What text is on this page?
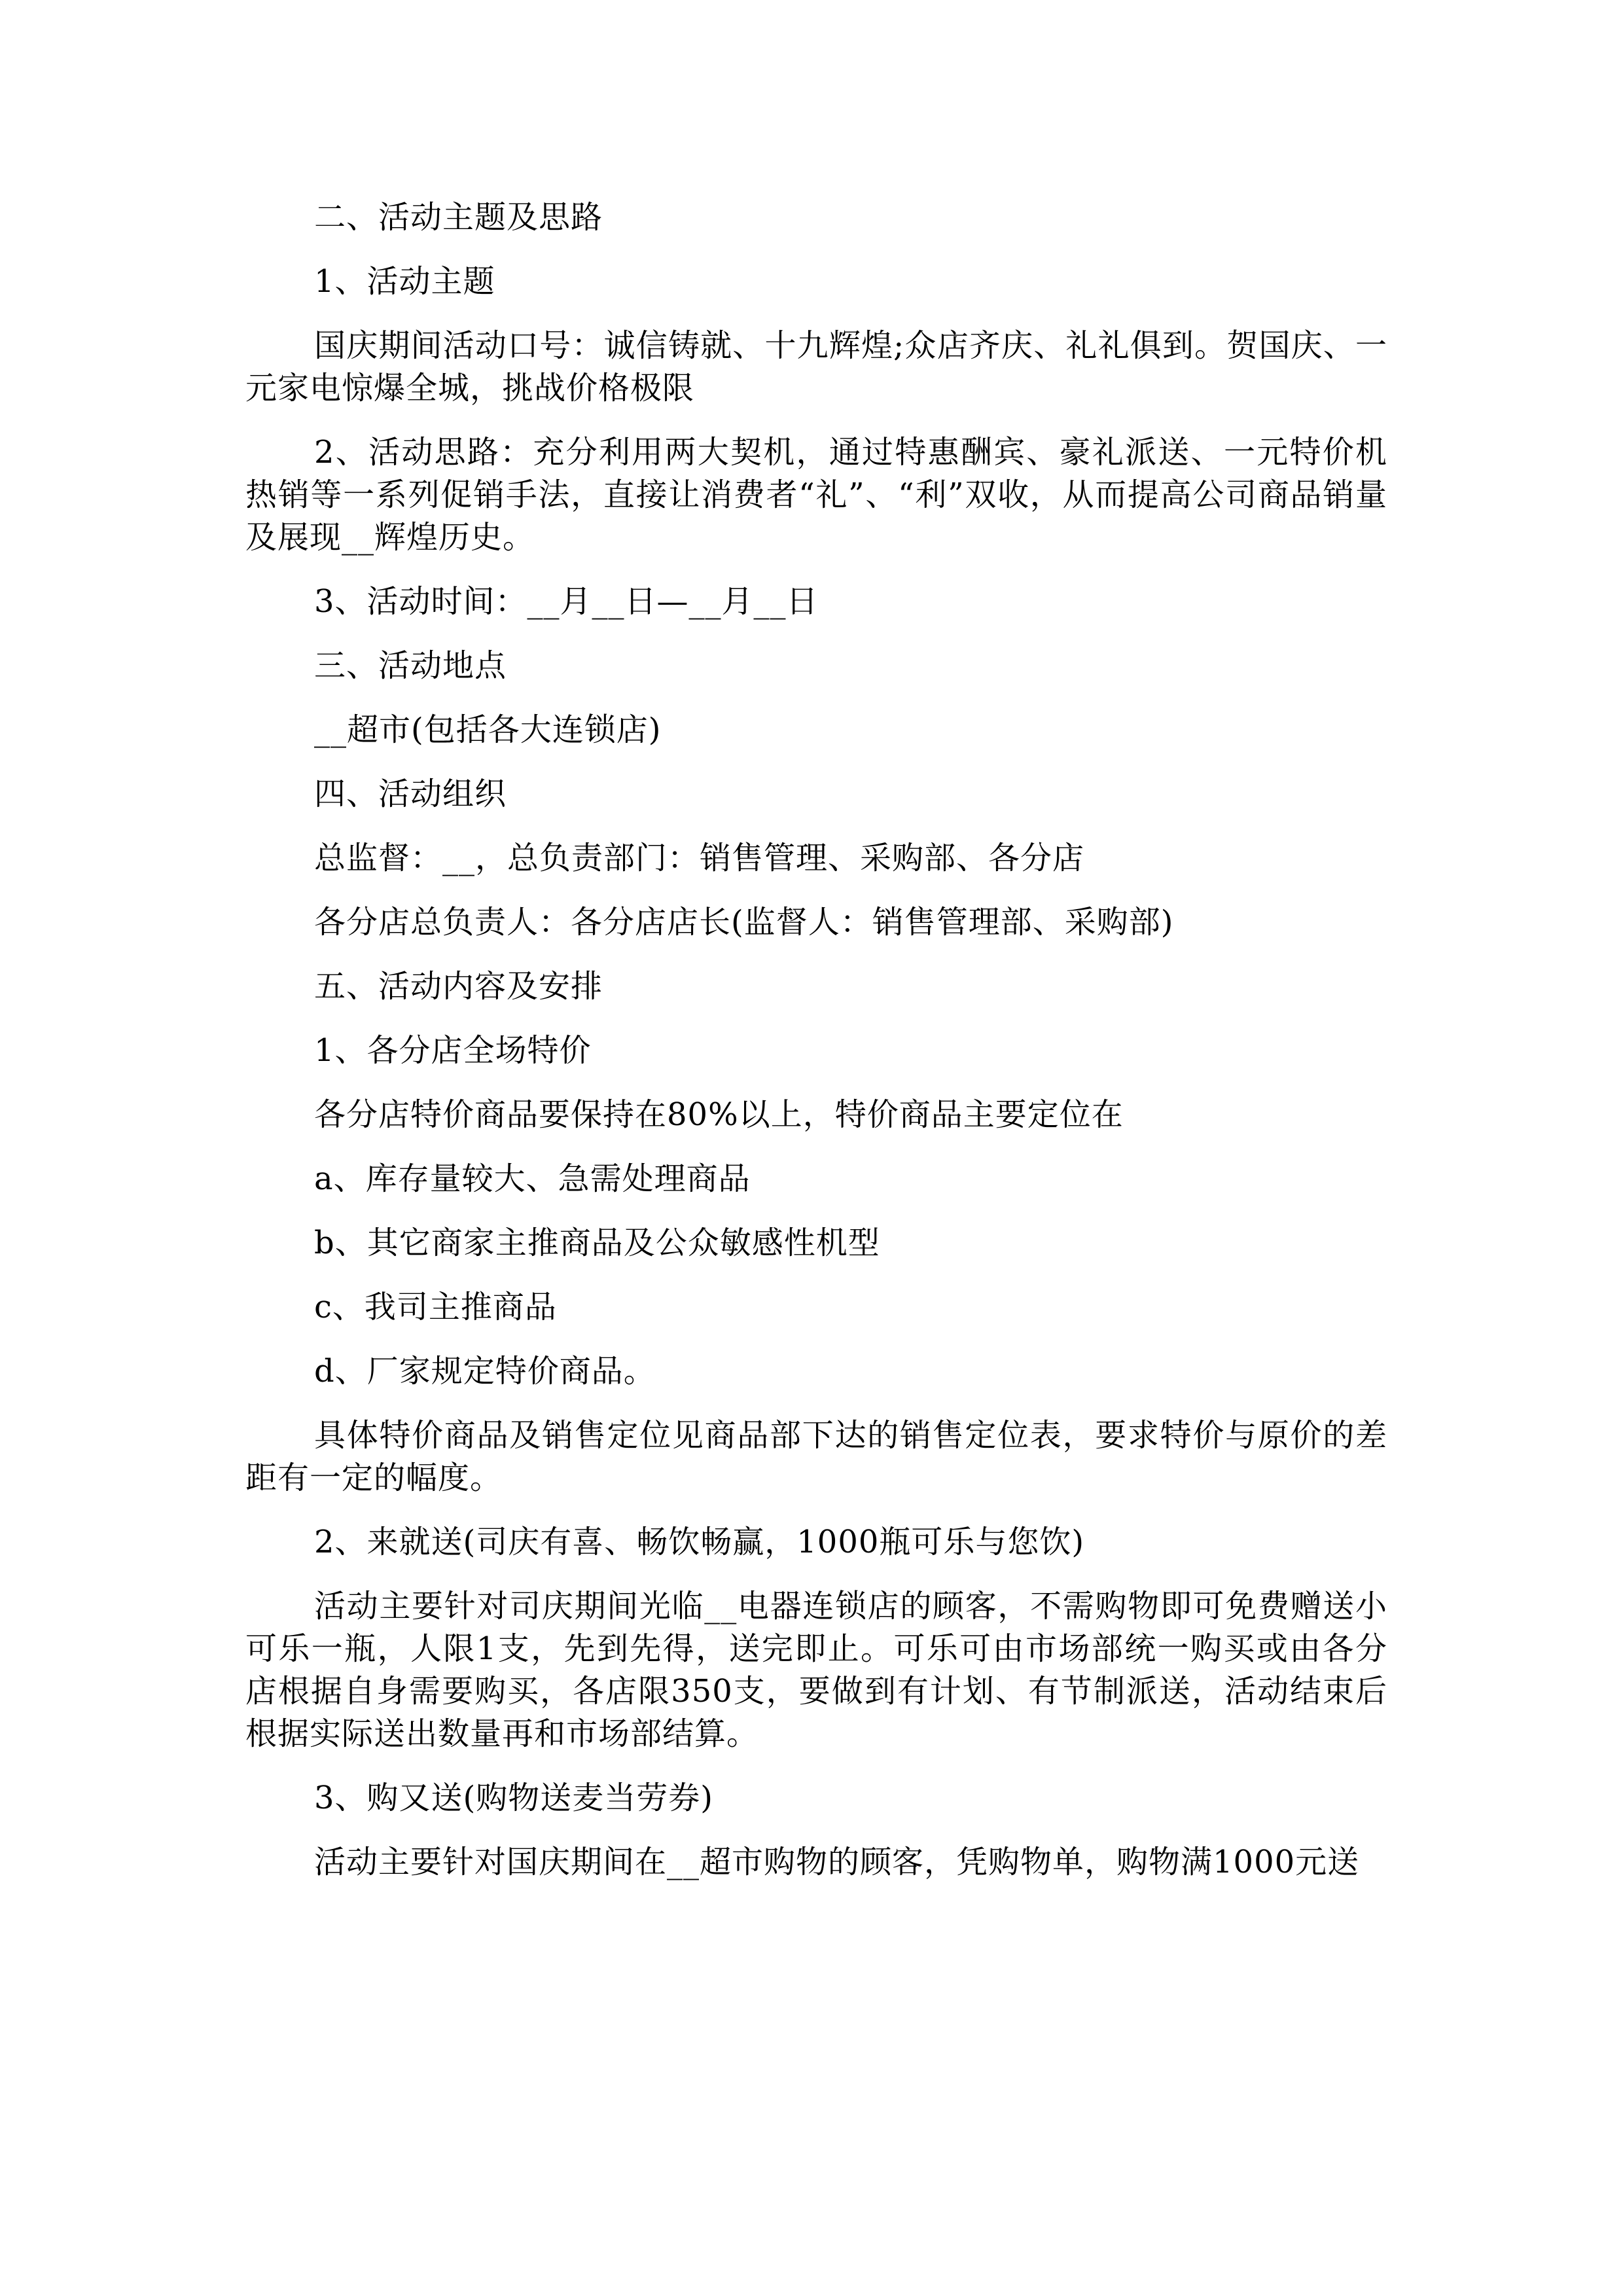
二、活动主题及思路

1、活动主题

国庆期间活动口号：诚信铸就、十九辉煌;众店齐庆、礼礼俱到。贺国庆、一元家电惊爆全城，挑战价格极限

2、活动思路：充分利用两大契机，通过特惠酬宾、豪礼派送、一元特价机热销等一系列促销手法，直接让消费者“礼”、“利”双收，从而提高公司商品销量及展现__辉煌历史。

3、活动时间：__月__日—__月__日

三、活动地点

__超市(包括各大连锁店)

四、活动组织

总监督：__，总负责部门：销售管理、采购部、各分店

各分店总负责人：各分店店长(监督人：销售管理部、采购部)

五、活动内容及安排

1、各分店全场特价

各分店特价商品要保持在80%以上，特价商品主要定位在

a、库存量较大、急需处理商品

b、其它商家主推商品及公众敏感性机型

c、我司主推商品

d、厂家规定特价商品。

具体特价商品及销售定位见商品部下达的销售定位表，要求特价与原价的差距有一定的幅度。

2、来就送(司庆有喜、畅饮畅赢，1000瓶可乐与您饮)

活动主要针对司庆期间光临__电器连锁店的顾客，不需购物即可免费赠送小可乐一瓶，人限1支，先到先得，送完即止。可乐可由市场部统一购买或由各分店根据自身需要购买，各店限350支，要做到有计划、有节制派送，活动结束后根据实际送出数量再和市场部结算。

3、购又送(购物送麦当劳券)

活动主要针对国庆期间在__超市购物的顾客，凭购物单，购物满1000元送
